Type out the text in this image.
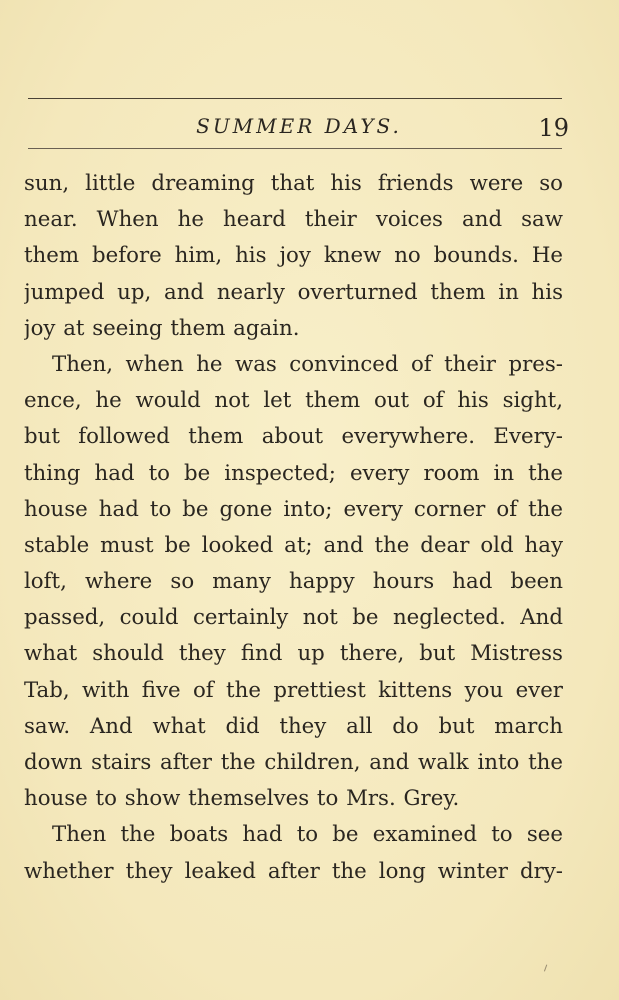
SUMMER DAYS.	19
sun, little dreaming that his friends were so
near. When he heard their voices and saw
them before him, his joy knew no bounds. He
jumped up, and nearly overturned them in his
joy at seeing them again.
Then, when he was convinced of their pres-
ence, he would not let them out of his sight,
but followed them about everywhere. Every-
thing had to be inspected; every room in the
house had to be gone into; every corner of the
stable must be looked at; and the dear old hay
loft, where so many happy hours had been
passed, could certainly not be neglected. And
what should they find up there, but Mistress
Tab, with five of the prettiest kittens you ever
saw. And what did they all do but march
down stairs after the children, and walk into the
house to show themselves to Mrs. Grey.
Then the boats had to be examined to see
whether they leaked after the long winter dry-
